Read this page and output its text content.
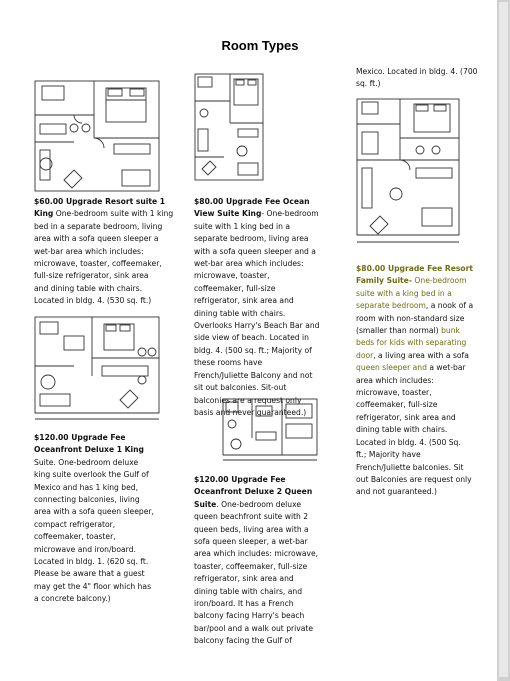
Room Types
$60.00 Upgrade Resort suite 1
King One-bedroom suite with 1 king
bed in a separate bedroom, living
area with a sofa queen sleeper a
wet-bar area which includes:
microwave, toaster, coffeemaker,
full-size refrigerator, sink area
and dining table with chairs.
Located in bldg. 4. (530 sq. ft.)
$120.00 Upgrade Fee
Oceanfront Deluxe 1 King
Suite. One-bedroom deluxe
king suite overlook the Gulf of
Mexico and has 1 king bed,
connecting balconies, living
area with a sofa queen sleeper,
compact refrigerator,
coffeemaker, toaster,
microwave and iron/board.
Located in bldg. 1. (620 sq. ft.
Please be aware that a guest
may get the 4" floor which has
a concrete balcony.)
$80.00 Upgrade Fee Ocean
View Suite King- One-bedroom
suite with 1 king bed in a
separate bedroom, living area
with a sofa queen sleeper and a
wet-bar area which includes:
microwave, toaster,
coffeemaker, full-size
refrigerator, sink area and
dining table with chairs.
Overlooks Harry's Beach Bar and
side view of beach. Located in
bldg. 4. (500 sq. ft.; Majority of
these rooms have
French/Juliette Balcony and not
sit out balconies. Sit-out
balconies are a request only
basis and never guaranteed.)
$120.00 Upgrade Fee
Oceanfront Deluxe 2 Queen
Suite. One-bedroom deluxe
queen beachfront suite with 2
queen beds, living area with a
sofa queen sleeper, a wet-bar
area which includes: microwave,
toaster, coffeemaker, full-size
refrigerator, sink area and
dining table with chairs, and
iron/board. It has a French
balcony facing Harry's beach
bar/pool and a walk out private
balcony facing the Gulf of
Mexico. Located in bldg. 4. (700
sq. ft.)
$80.00 Upgrade Fee Resort
Family Suite- One-bedroom
suite with a king bed in a
separate bedroom, a nook of a
room with non-standard size
(smaller than normal) bunk
beds for kids with separating
door, a living area with a sofa
queen sleeper and a wet-bar
area which includes:
microwave, toaster,
coffeemaker, full-size
refrigerator, sink area and
dining table with chairs.
Located in bldg. 4. (500 Sq.
ft.; Majority have
French/Juliette balconies. Sit
out Balconies are request only
and not guaranteed.)
